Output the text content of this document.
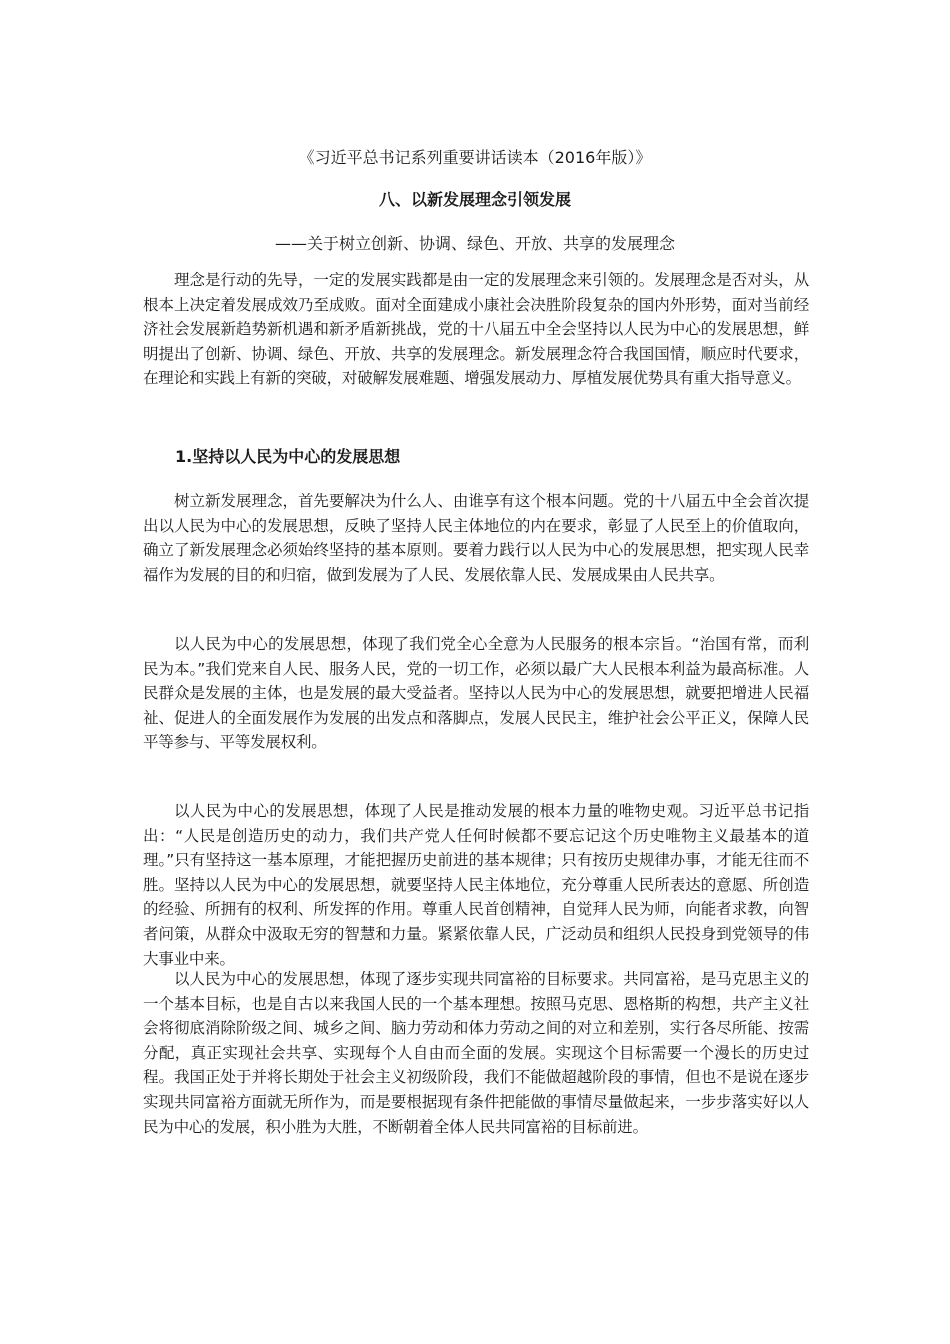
《习近平总书记系列重要讲话读本（2016年版）》
八、以新发展理念引领发展
——关于树立创新、协调、绿色、开放、共享的发展理念

理念是行动的先导，一定的发展实践都是由一定的发展理念来引领的。发展理念是否对头，从根本上决定着发展成效乃至成败。面对全面建成小康社会决胜阶段复杂的国内外形势，面对当前经济社会发展新趋势新机遇和新矛盾新挑战，党的十八届五中全会坚持以人民为中心的发展思想，鲜明提出了创新、协调、绿色、开放、共享的发展理念。新发展理念符合我国国情，顺应时代要求，在理论和实践上有新的突破，对破解发展难题、增强发展动力、厚植发展优势具有重大指导意义。

1.坚持以人民为中心的发展思想

树立新发展理念，首先要解决为什么人、由谁享有这个根本问题。党的十八届五中全会首次提出以人民为中心的发展思想，反映了坚持人民主体地位的内在要求，彰显了人民至上的价值取向，确立了新发展理念必须始终坚持的基本原则。要着力践行以人民为中心的发展思想，把实现人民幸福作为发展的目的和归宿，做到发展为了人民、发展依靠人民、发展成果由人民共享。

以人民为中心的发展思想，体现了我们党全心全意为人民服务的根本宗旨。“治国有常，而利民为本。”我们党来自人民、服务人民，党的一切工作，必须以最广大人民根本利益为最高标准。人民群众是发展的主体，也是发展的最大受益者。坚持以人民为中心的发展思想，就要把增进人民福祉、促进人的全面发展作为发展的出发点和落脚点，发展人民民主，维护社会公平正义，保障人民平等参与、平等发展权利。

以人民为中心的发展思想，体现了人民是推动发展的根本力量的唯物史观。习近平总书记指出：“人民是创造历史的动力，我们共产党人任何时候都不要忘记这个历史唯物主义最基本的道理。”只有坚持这一基本原理，才能把握历史前进的基本规律；只有按历史规律办事，才能无往而不胜。坚持以人民为中心的发展思想，就要坚持人民主体地位，充分尊重人民所表达的意愿、所创造的经验、所拥有的权利、所发挥的作用。尊重人民首创精神，自觉拜人民为师，向能者求教，向智者问策，从群众中汲取无穷的智慧和力量。紧紧依靠人民，广泛动员和组织人民投身到党领导的伟大事业中来。

以人民为中心的发展思想，体现了逐步实现共同富裕的目标要求。共同富裕，是马克思主义的一个基本目标，也是自古以来我国人民的一个基本理想。按照马克思、恩格斯的构想，共产主义社会将彻底消除阶级之间、城乡之间、脑力劳动和体力劳动之间的对立和差别，实行各尽所能、按需分配，真正实现社会共享、实现每个人自由而全面的发展。实现这个目标需要一个漫长的历史过程。我国正处于并将长期处于社会主义初级阶段，我们不能做超越阶段的事情，但也不是说在逐步实现共同富裕方面就无所作为，而是要根据现有条件把能做的事情尽量做起来，一步步落实好以人民为中心的发展，积小胜为大胜，不断朝着全体人民共同富裕的目标前进。
